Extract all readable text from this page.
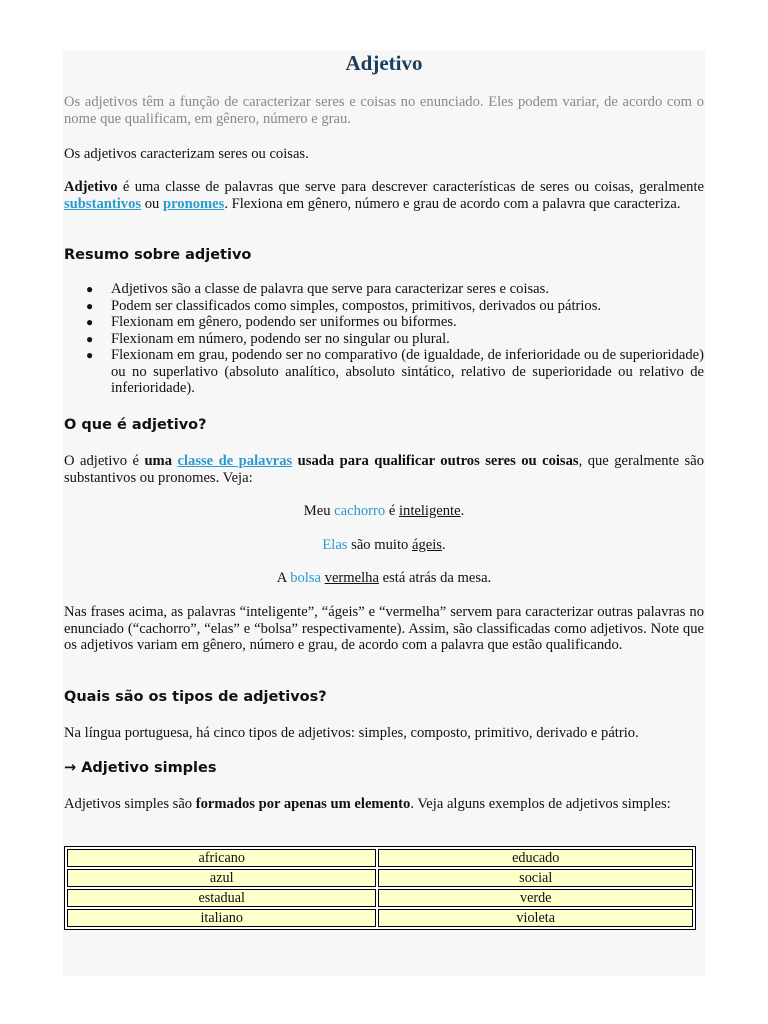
Adjetivo

Os adjetivos têm a função de caracterizar seres e coisas no enunciado. Eles podem variar, de acordo com o nome que qualificam, em gênero, número e grau.

Os adjetivos caracterizam seres ou coisas.

Adjetivo é uma classe de palavras que serve para descrever características de seres ou coisas, geralmente substantivos ou pronomes. Flexiona em gênero, número e grau de acordo com a palavra que caracteriza.

Resumo sobre adjetivo
● Adjetivos são a classe de palavra que serve para caracterizar seres e coisas.
● Podem ser classificados como simples, compostos, primitivos, derivados ou pátrios.
● Flexionam em gênero, podendo ser uniformes ou biformes.
● Flexionam em número, podendo ser no singular ou plural.
● Flexionam em grau, podendo ser no comparativo (de igualdade, de inferioridade ou de superioridade) ou no superlativo (absoluto analítico, absoluto sintático, relativo de superioridade ou relativo de inferioridade).
O que é adjetivo?

O adjetivo é uma classe de palavras usada para qualificar outros seres ou coisas, que geralmente são substantivos ou pronomes. Veja:

Meu cachorro é inteligente.

Elas são muito ágeis.

A bolsa vermelha está atrás da mesa.

Nas frases acima, as palavras “inteligente”, “ágeis” e “vermelha” servem para caracterizar outras palavras no enunciado (“cachorro”, “elas” e “bolsa” respectivamente). Assim, são classificadas como adjetivos. Note que os adjetivos variam em gênero, número e grau, de acordo com a palavra que estão qualificando.

Quais são os tipos de adjetivos?

Na língua portuguesa, há cinco tipos de adjetivos: simples, composto, primitivo, derivado e pátrio.

→ Adjetivo simples

Adjetivos simples são formados por apenas um elemento. Veja alguns exemplos de adjetivos simples:

africano	educado
azul	social
estadual	verde
italiano	violeta
